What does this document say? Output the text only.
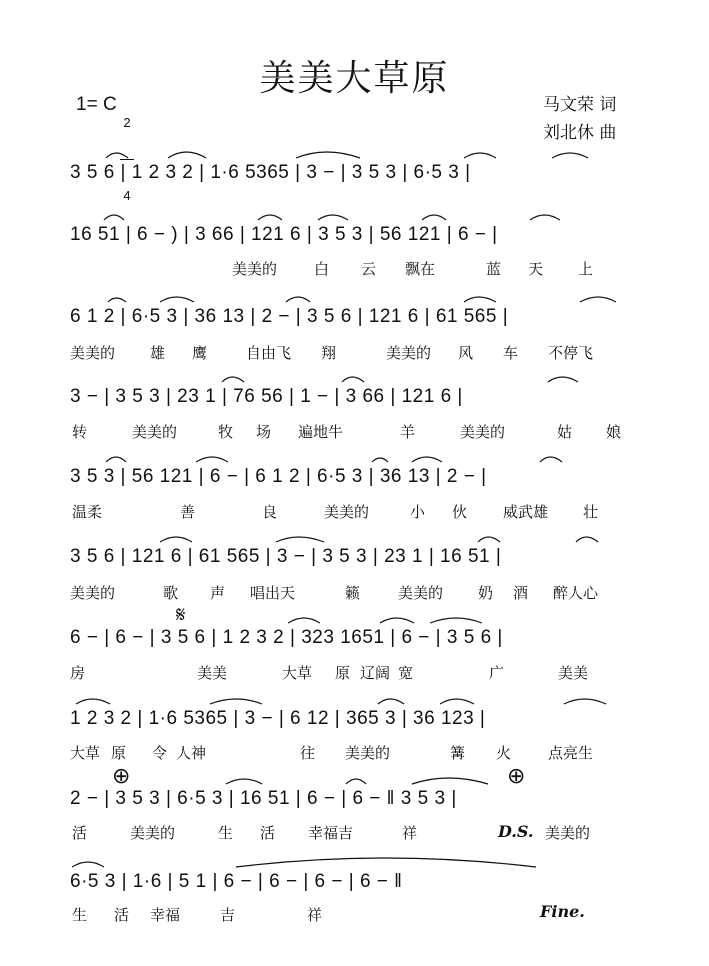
美美大草原
1= C

2

4

马文荣 词
刘北休 曲
3 5 6 | 1 2 3 2 | 1·6 5365 | 3 − | 3 5 3 | 6·5 3 |
16 51 | 6 − ) | 3 66 | 121 6 | 3 5 3 | 56 121 | 6 − |
6 1 2 | 6·5 3 | 36 13 | 2 − | 3 5 6 | 121 6 | 61 565 |
3 − | 3 5 3 | 23 1 | 76 56 | 1 − | 3 66 | 121 6 |
3 5 3 | 56 121 | 6 − | 6 1 2 | 6·5 3 | 36 13 | 2 − |
3 5 6 | 121 6 | 61 565 | 3 − | 3 5 3 | 23 1 | 16 51 |
6 − | 6 − | 3 5 6 | 1 2 3 2 | 323 1651 | 6 − | 3 5 6 |
1 2 3 2 | 1·6 5365 | 3 − | 6 12 | 365 3 | 36 123 |
2 − | 3 5 3 | 6·5 3 | 16 51 | 6 − | 6 − ‖ 3 5 3 |
6·5 3 | 1·6 | 5 1 | 6 − | 6 − | 6 − | 6 − ‖
美美的 白 云 飘在	蓝 天 上
美美的 雄 鹰	自由飞 翔	美美的 风 车 不停飞
转	美美的	牧 场 遍地牛	羊	美美的	姑 娘
温柔	善	良	美美的	小 伙 威武雄 壮
美美的	歌 声 唱出天	籁	美美的 奶 酒 醉人心
房	美美	大草 原 辽阔 宽	广	美美
大草 原 令 人神	往 美美的	篝 火 点亮生
活	美美的	生 活 幸福吉	祥	美美的
生 活 幸福	吉	祥
D.S.
Fine.
𝄋
⊕	⊕
